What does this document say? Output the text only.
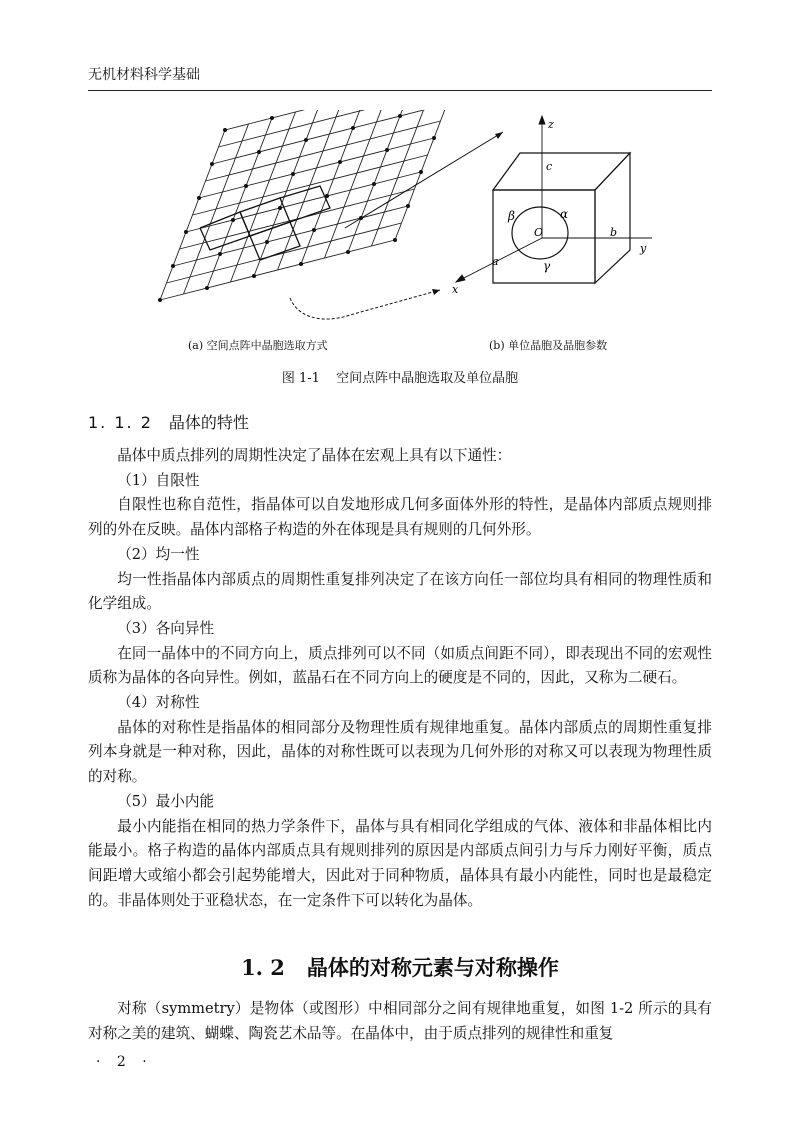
无机材料科学基础
z
y
x
c
b
a
β	α
γ
O
(a) 空间点阵中晶胞选取方式	(b) 单位晶胞及晶胞参数
图 1-1 空间点阵中晶胞选取及单位晶胞
1. 1. 2 晶体的特性

晶体中质点排列的周期性决定了晶体在宏观上具有以下通性：

（1）自限性

自限性也称自范性，指晶体可以自发地形成几何多面体外形的特性，是晶体内部质点规则排列的外在反映。晶体内部格子构造的外在体现是具有规则的几何外形。

（2）均一性

均一性指晶体内部质点的周期性重复排列决定了在该方向任一部位均具有相同的物理性质和化学组成。

（3）各向异性

在同一晶体中的不同方向上，质点排列可以不同（如质点间距不同），即表现出不同的宏观性质称为晶体的各向异性。例如，蓝晶石在不同方向上的硬度是不同的，因此，又称为二硬石。

（4）对称性

晶体的对称性是指晶体的相同部分及物理性质有规律地重复。晶体内部质点的周期性重复排列本身就是一种对称，因此，晶体的对称性既可以表现为几何外形的对称又可以表现为物理性质的对称。

（5）最小内能

最小内能指在相同的热力学条件下，晶体与具有相同化学组成的气体、液体和非晶体相比内能最小。格子构造的晶体内部质点具有规则排列的原因是内部质点间引力与斥力刚好平衡，质点间距增大或缩小都会引起势能增大，因此对于同种物质，晶体具有最小内能性，同时也是最稳定的。非晶体则处于亚稳状态，在一定条件下可以转化为晶体。

1. 2 晶体的对称元素与对称操作

对称（symmetry）是物体（或图形）中相同部分之间有规律地重复，如图 1-2 所示的具有对称之美的建筑、蝴蝶、陶瓷艺术品等。在晶体中，由于质点排列的规律性和重复

· 2 ·
